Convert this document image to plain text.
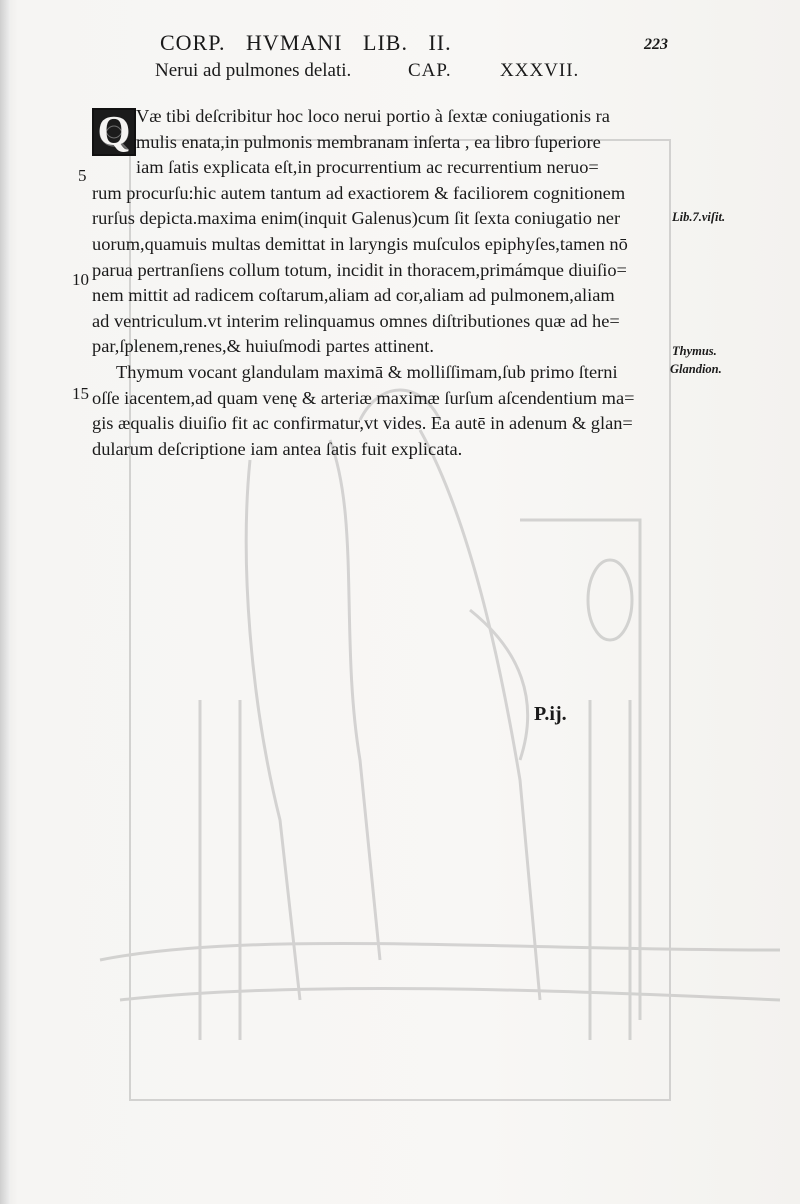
CORP. HVMANI LIB. II.	223
Nerui ad pulmones delati.	CAP.	XXXVII.
Q Væ tibi deſcribitur hoc loco nerui portio à ſextæ coniugationis ra
mulis enata,in pulmonis membranam inſerta , ea libro ſuperiore
iam ſatis explicata eſt,in procurrentium ac recurrentium neruo=
rum procurſu:hic autem tantum ad exactiorem & faciliorem cognitionem
rurſus depicta.maxima enim(inquit Galenus)cum ſit ſexta coniugatio ner
uorum,quamuis multas demittat in laryngis muſculos epiphyſes,tamen nō
parua pertranſiens collum totum, incidit in thoracem,primámque diuiſio=
nem mittit ad radicem coſtarum,aliam ad cor,aliam ad pulmonem,aliam
ad ventriculum.vt interim relinquamus omnes diſtributiones quæ ad he=
par,ſplenem,renes,& huiuſmodi partes attinent.
Thymum vocant glandulam maximā & molliſſimam,ſub primo ſterni
oſſe iacentem,ad quam venę & arteriæ maximæ ſurſum aſcendentium ma=
gis æqualis diuiſio fit ac confirmatur,vt vides. Ea autē in adenum & glan=
dularum deſcriptione iam antea ſatis fuit explicata.
5
10
15
Lib.7.viſit.
Thymus.
Glandion.
P.ij.
